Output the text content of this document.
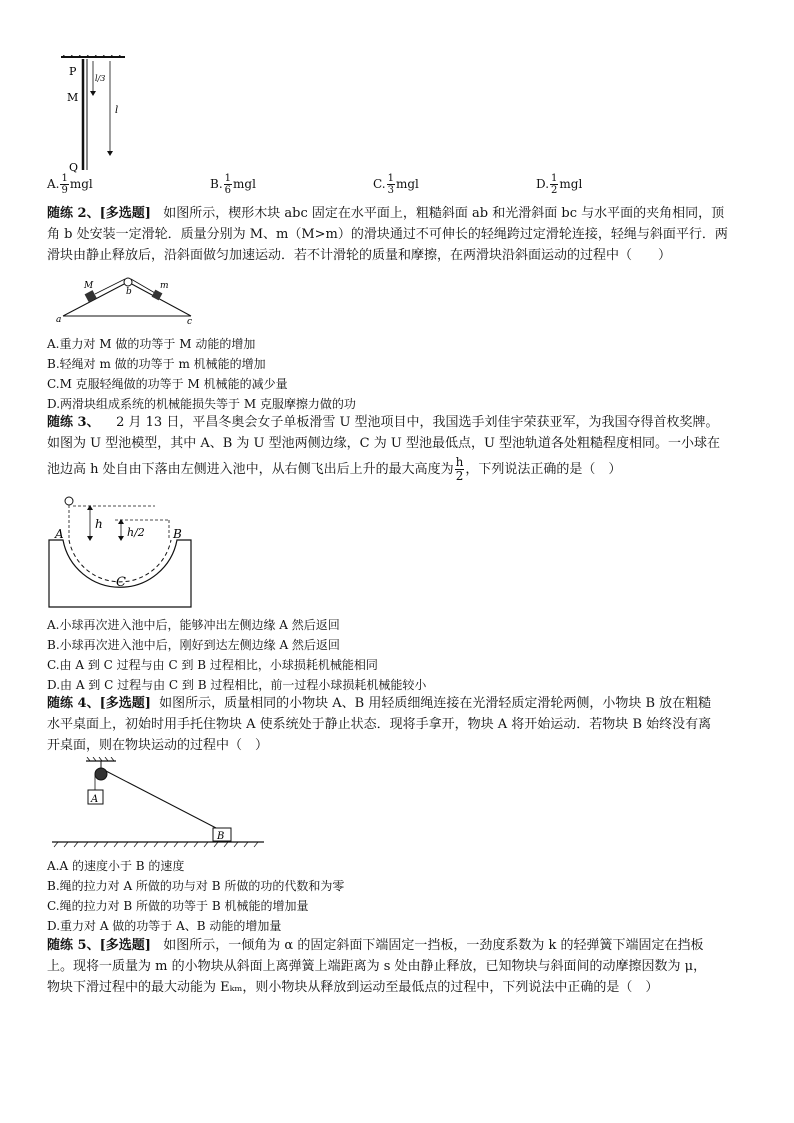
P
l/3
M
l
Q
A. $\frac{1}{9}$ mgl	B. $\frac{1}{6}$ mgl	C. $\frac{1}{3}$ mgl	D. $\frac{1}{2}$ mgl
随练 2、[多选题] 如图所示，楔形木块 abc 固定在水平面上，粗糙斜面 ab 和光滑斜面 bc 与水平面的夹角相同，顶
角 b 处安装一定滑轮．质量分别为 M、m（M>m）的滑块通过不可伸长的轻绳跨过定滑轮连接，轻绳与斜面平行．两
滑块由静止释放后，沿斜面做匀加速运动．若不计滑轮的质量和摩擦，在两滑块沿斜面运动的过程中（　　）
M
b
m
a	c
A.重力对 M 做的功等于 M 动能的增加
B.轻绳对 m 做的功等于 m 机械能的增加
C.M 克服轻绳做的功等于 M 机械能的减少量
D.两滑块组成系统的机械能损失等于 M 克服摩擦力做的功
随练 3、 2 月 13 日，平昌冬奥会女子单板滑雪 U 型池项目中，我国选手刘佳宇荣获亚军，为我国夺得首枚奖牌。
如图为 U 型池模型，其中 A、B 为 U 型池两侧边缘，C 为 U 型池最低点，U 型池轨道各处粗糙程度相同。一小球在
池边高 h 处自由下落由左侧进入池中，从右侧飞出后上升的最大高度为 $\frac{h}{2}$ ，下列说法正确的是（　）
h
h/2
A	B
C
A.小球再次进入池中后，能够冲出左侧边缘 A 然后返回
B.小球再次进入池中后，刚好到达左侧边缘 A 然后返回
C.由 A 到 C 过程与由 C 到 B 过程相比，小球损耗机械能相同
D.由 A 到 C 过程与由 C 到 B 过程相比，前一过程小球损耗机械能较小
随练 4、[多选题] 如图所示，质量相同的小物块 A、B 用轻质细绳连接在光滑轻质定滑轮两侧，小物块 B 放在粗糙
水平桌面上，初始时用手托住物块 A 使系统处于静止状态．现将手拿开，物块 A 将开始运动．若物块 B 始终没有离
开桌面，则在物块运动的过程中（　）
A
B
A.A 的速度小于 B 的速度
B.绳的拉力对 A 所做的功与对 B 所做的功的代数和为零
C.绳的拉力对 B 所做的功等于 B 机械能的增加量
D.重力对 A 做的功等于 A、B 动能的增加量
随练 5、[多选题] 如图所示，一倾角为 α 的固定斜面下端固定一挡板，一劲度系数为 k 的轻弹簧下端固定在挡板
上。现将一质量为 m 的小物块从斜面上离弹簧上端距离为 s 处由静止释放，已知物块与斜面间的动摩擦因数为 μ，
物块下滑过程中的最大动能为 Eₖₘ，则小物块从释放到运动至最低点的过程中，下列说法中正确的是（　）
